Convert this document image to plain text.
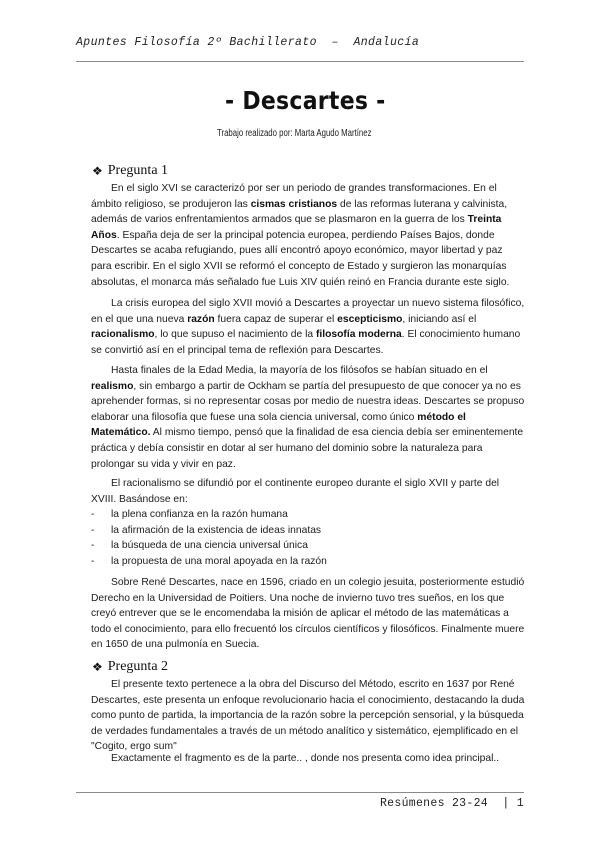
Apuntes Filosofía 2º Bachillerato  –  Andalucía
- Descartes -
Trabajo realizado por: Marta Agudo Martínez
❖ Pregunta 1

En el siglo XVI se caracterizó por ser un periodo de grandes transformaciones. En el ámbito religioso, se produjeron las cismas cristianos de las reformas luterana y calvinista, además de varios enfrentamientos armados que se plasmaron en la guerra de los Treinta Años. España deja de ser la principal potencia europea, perdiendo Países Bajos, donde Descartes se acaba refugiando, pues allí encontró apoyo económico, mayor libertad y paz para escribir. En el siglo XVII se reformó el concepto de Estado y surgieron las monarquías absolutas, el monarca más señalado fue Luis XIV quién reinó en Francia durante este siglo.

La crisis europea del siglo XVII movió a Descartes a proyectar un nuevo sistema filosófico, en el que una nueva razón fuera capaz de superar el escepticismo, iniciando así el racionalismo, lo que supuso el nacimiento de la filosofía moderna. El conocimiento humano se convirtió así en el principal tema de reflexión para Descartes.

Hasta finales de la Edad Media, la mayoría de los filósofos se habían situado en el realismo, sin embargo a partir de Ockham se partía del presupuesto de que conocer ya no es aprehender formas, si no representar cosas por medio de nuestra ideas. Descartes se propuso elaborar una filosofía que fuese una sola ciencia universal, como único método el Matemático. Al mismo tiempo, pensó que la finalidad de esa ciencia debía ser eminentemente práctica y debía consistir en dotar al ser humano del dominio sobre la naturaleza para prolongar su vida y vivir en paz.

El racionalismo se difundió por el continente europeo durante el siglo XVII y parte del XVIII. Basándose en:

- la plena confianza en la razón humana
- la afirmación de la existencia de ideas innatas
- la búsqueda de una ciencia universal única
- la propuesta de una moral apoyada en la razón

Sobre René Descartes, nace en 1596, criado en un colegio jesuita, posteriormente estudió Derecho en la Universidad de Poitiers. Una noche de invierno tuvo tres sueños, en los que creyó entrever que se le encomendaba la misión de aplicar el método de las matemáticas a todo el conocimiento, para ello frecuentó los círculos científicos y filosóficos. Finalmente muere en 1650 de una pulmonía en Suecia.

❖ Pregunta 2

El presente texto pertenece a la obra del Discurso del Método, escrito en 1637 por René Descartes, este presenta un enfoque revolucionario hacia el conocimiento, destacando la duda como punto de partida, la importancia de la razón sobre la percepción sensorial, y la búsqueda de verdades fundamentales a través de un método analítico y sistemático, ejemplificado en el "Cogito, ergo sum"

Exactamente el fragmento es de la parte.. , donde nos presenta como idea principal..

Resúmenes 23-24  | 1
